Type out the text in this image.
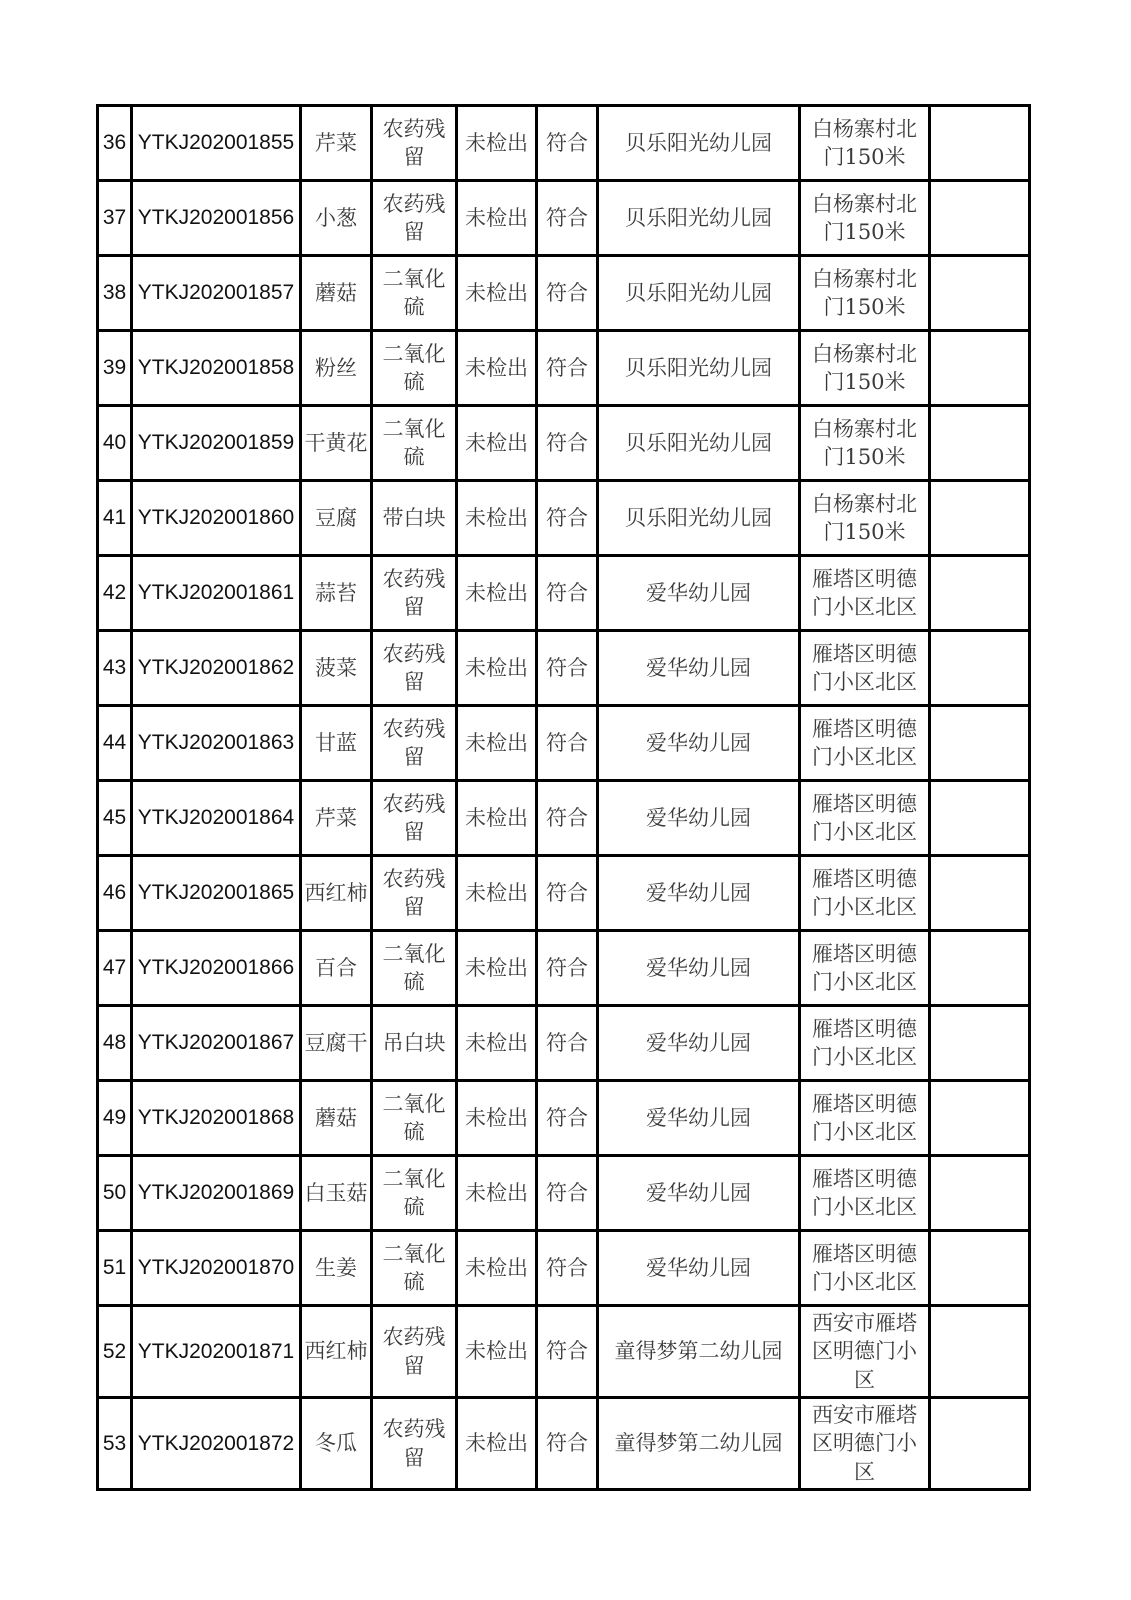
36	YTKJ202001855	芹菜	农药残留	未检出	符合	贝乐阳光幼儿园	白杨寨村北门150米	
37	YTKJ202001856	小葱	农药残留	未检出	符合	贝乐阳光幼儿园	白杨寨村北门150米	
38	YTKJ202001857	蘑菇	二氧化硫	未检出	符合	贝乐阳光幼儿园	白杨寨村北门150米	
39	YTKJ202001858	粉丝	二氧化硫	未检出	符合	贝乐阳光幼儿园	白杨寨村北门150米	
40	YTKJ202001859	干黄花	二氧化硫	未检出	符合	贝乐阳光幼儿园	白杨寨村北门150米	
41	YTKJ202001860	豆腐	带白块	未检出	符合	贝乐阳光幼儿园	白杨寨村北门150米	
42	YTKJ202001861	蒜苔	农药残留	未检出	符合	爱华幼儿园	雁塔区明德门小区北区	
43	YTKJ202001862	菠菜	农药残留	未检出	符合	爱华幼儿园	雁塔区明德门小区北区	
44	YTKJ202001863	甘蓝	农药残留	未检出	符合	爱华幼儿园	雁塔区明德门小区北区	
45	YTKJ202001864	芹菜	农药残留	未检出	符合	爱华幼儿园	雁塔区明德门小区北区	
46	YTKJ202001865	西红柿	农药残留	未检出	符合	爱华幼儿园	雁塔区明德门小区北区	
47	YTKJ202001866	百合	二氧化硫	未检出	符合	爱华幼儿园	雁塔区明德门小区北区	
48	YTKJ202001867	豆腐干	吊白块	未检出	符合	爱华幼儿园	雁塔区明德门小区北区	
49	YTKJ202001868	蘑菇	二氧化硫	未检出	符合	爱华幼儿园	雁塔区明德门小区北区	
50	YTKJ202001869	白玉菇	二氧化硫	未检出	符合	爱华幼儿园	雁塔区明德门小区北区	
51	YTKJ202001870	生姜	二氧化硫	未检出	符合	爱华幼儿园	雁塔区明德门小区北区	
52	YTKJ202001871	西红柿	农药残留	未检出	符合	童得梦第二幼儿园	西安市雁塔区明德门小区	
53	YTKJ202001872	冬瓜	农药残留	未检出	符合	童得梦第二幼儿园	西安市雁塔区明德门小区	
